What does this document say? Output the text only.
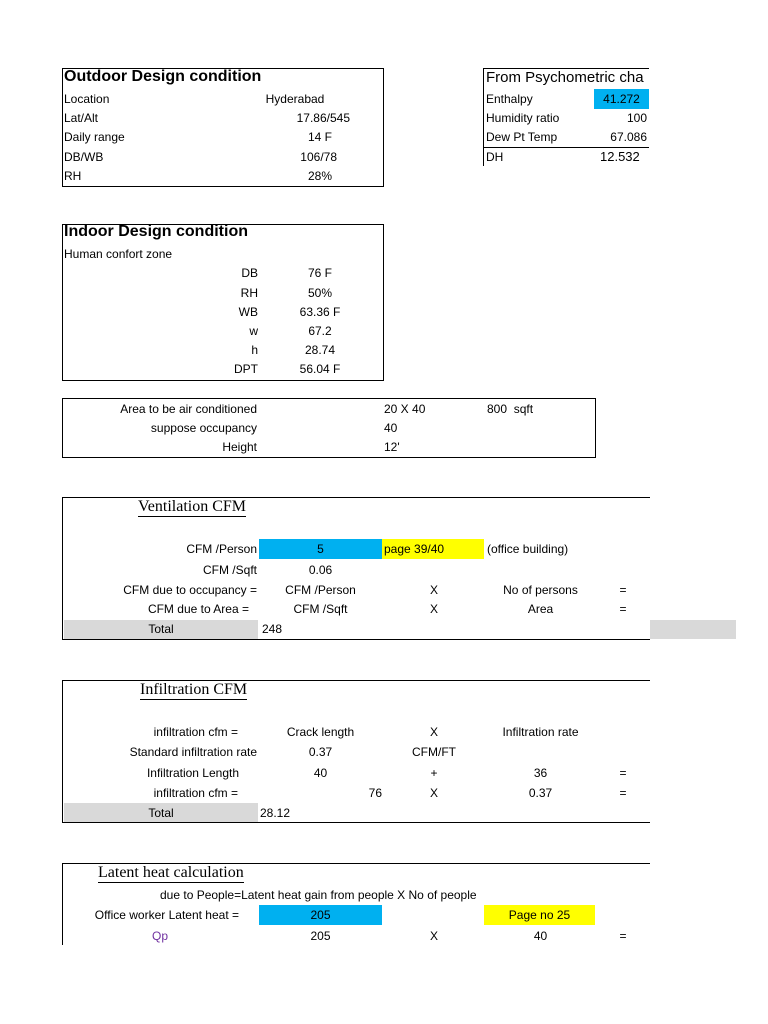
Outdoor Design condition
Location	Hyderabad
Lat/Alt	17.86/545
Daily range	14 F
DB/WB	106/78
RH	28%
From Psychometric cha
Enthalpy	41.272
Humidity ratio	100
Dew Pt Temp	67.086
DH	12.532
Indoor Design condition
Human confort zone
DB	76 F
RH	50%
WB	63.36 F
w	67.2
h	28.74
DPT	56.04 F
Area to be air conditioned	20 X 40	800  sqft
suppose occupancy	40
Height	12'
Ventilation CFM
CFM /Person	5	page 39/40	(office building)
CFM /Sqft	0.06
CFM due to occupancy =	CFM /Person	X	No of persons	=
CFM due to Area =	CFM /Sqft	X	Area	=
Total	248
Infiltration CFM
infiltration cfm =	Crack length	X	Infiltration rate
Standard infiltration rate	0.37	CFM/FT
Infiltration Length	40	+	36	=
infiltration cfm =	76	X	0.37	=
Total	28.12
Latent heat calculation
due to People=Latent heat gain from people X No of people
Office worker Latent heat =	205	Page no 25
Qp	205	X	40	=
